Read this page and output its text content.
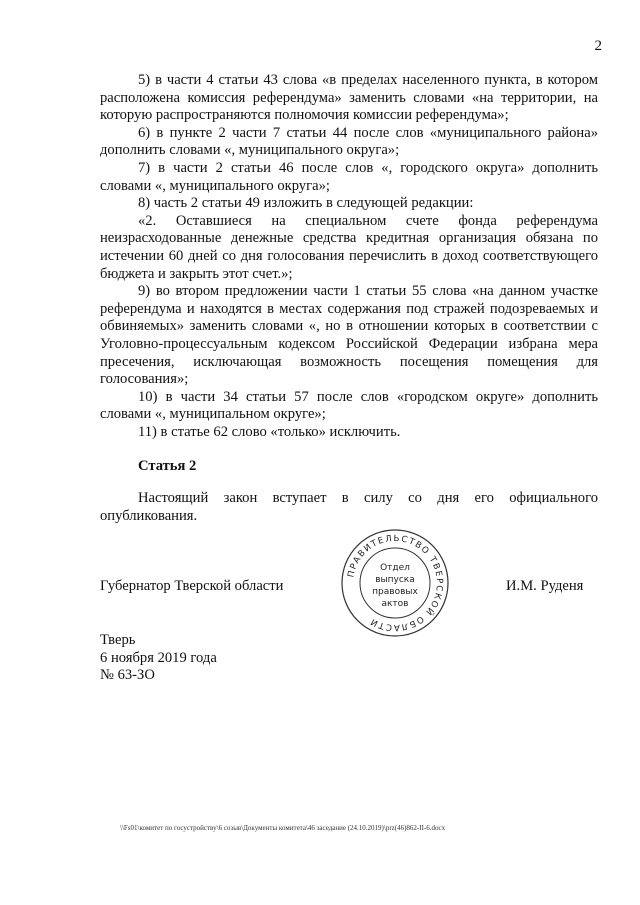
2

5) в части 4 статьи 43 слова «в пределах населенного пункта, в котором расположена комиссия референдума» заменить словами «на территории, на которую распространяются полномочия комиссии референдума»;

6) в пункте 2 части 7 статьи 44 после слов «муниципального района» дополнить словами «, муниципального округа»;

7) в части 2 статьи 46 после слов «, городского округа» дополнить словами «, муниципального округа»;

8) часть 2 статьи 49 изложить в следующей редакции:

«2. Оставшиеся на специальном счете фонда референдума неизрасходованные денежные средства кредитная организация обязана по истечении 60 дней со дня голосования перечислить в доход соответствующего бюджета и закрыть этот счет.»;

9) во втором предложении части 1 статьи 55 слова «на данном участке референдума и находятся в местах содержания под стражей подозреваемых и обвиняемых» заменить словами «, но в отношении которых в соответствии с Уголовно-процессуальным кодексом Российской Федерации избрана мера пресечения, исключающая возможность посещения помещения для голосования»;

10) в части 34 статьи 57 после слов «городском округе» дополнить словами «, муниципальном округе»;

11) в статье 62 слово «только» исключить.

Статья 2

Настоящий закон вступает в силу со дня его официального опубликования.

Губернатор Тверской области	И.М. Руденя
ПРАВИТЕЛЬСТВО ТВЕРСКОЙ ОБЛАСТИ
Отдел
выпуска
правовых
актов
Тверь
6 ноября 2019 года
№ 63-ЗО
\\Fs01\комитет по госустройству\6 созыв\Документы комитета\46 заседание (24.10.2019)\prz(46)862-II-6.docx
